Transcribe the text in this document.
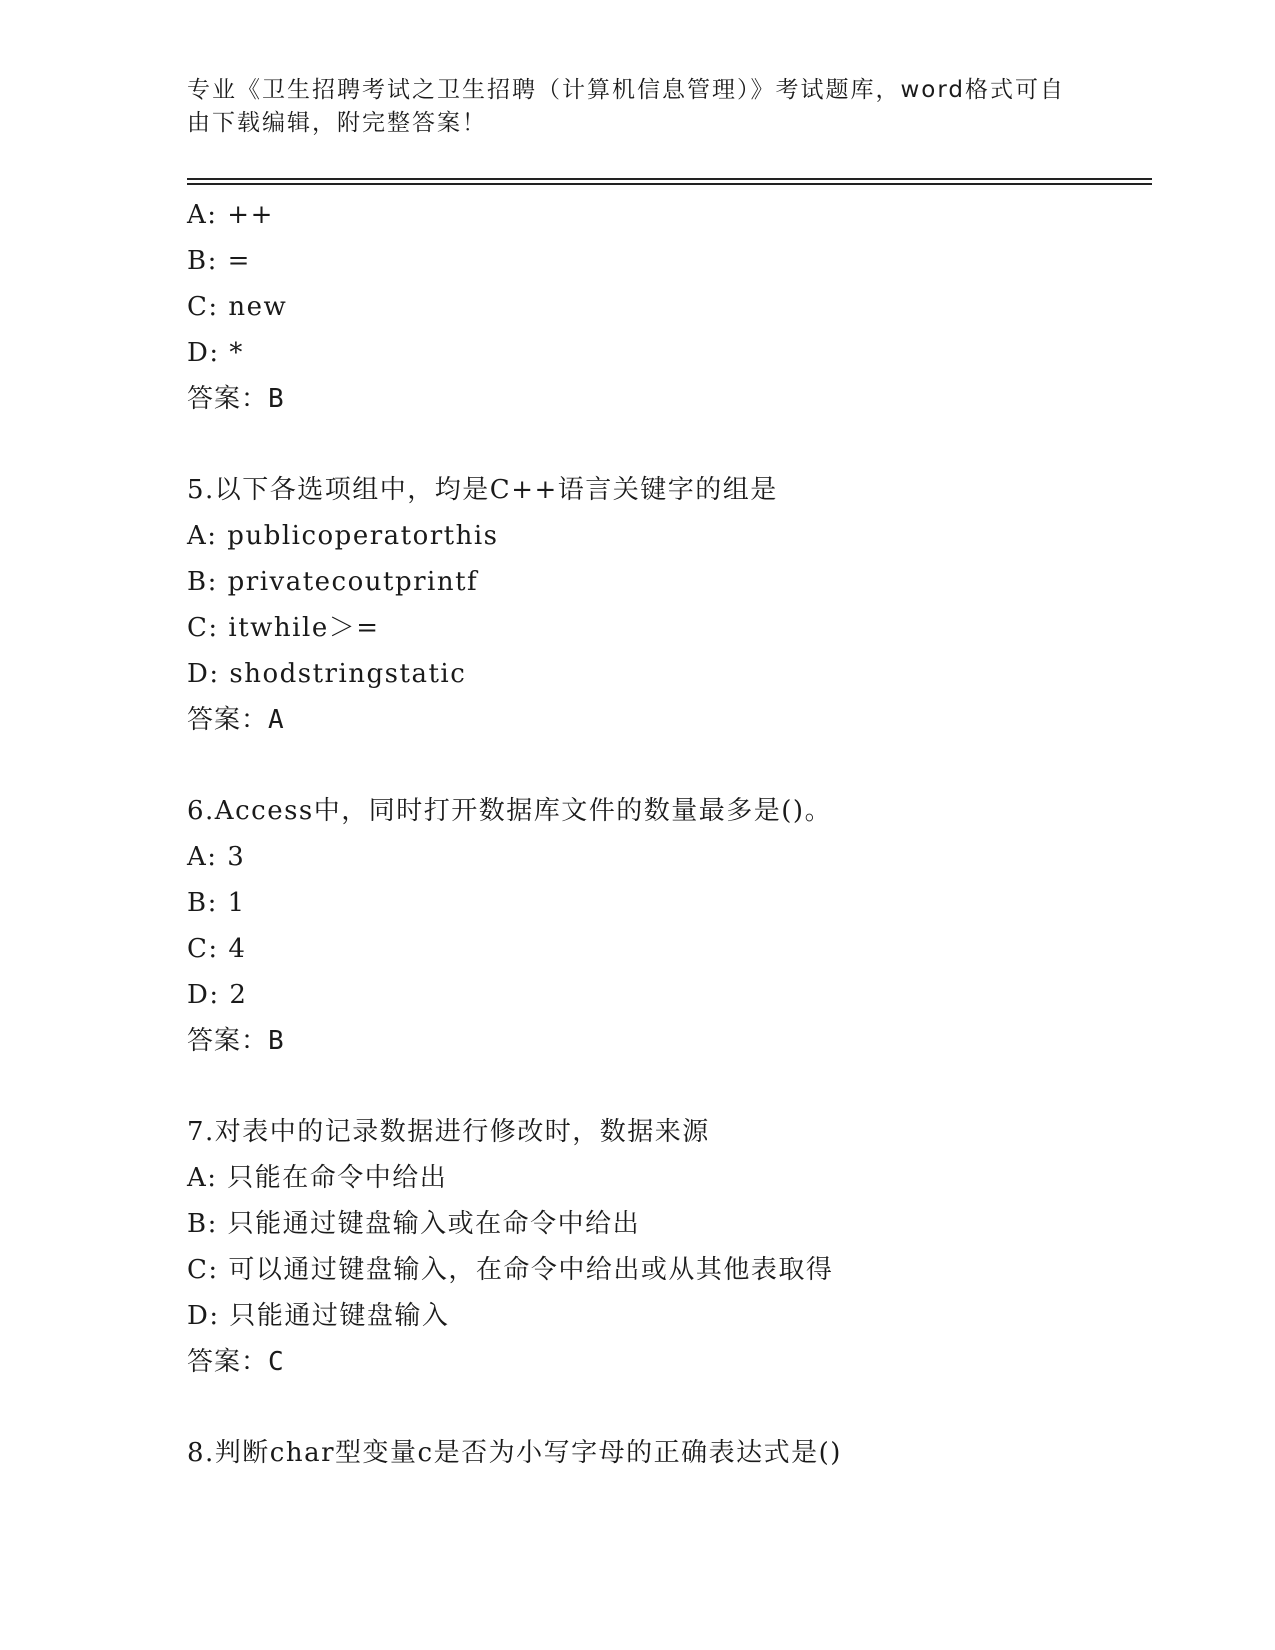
专业《卫生招聘考试之卫生招聘（计算机信息管理）》考试题库，word格式可自
由下载编辑，附完整答案！
A: ++
B: =
C: new
D: *
答案：B
5.以下各选项组中，均是C++语言关键字的组是
A: publicoperatorthis
B: privatecoutprintf
C: itwhile＞=
D: shodstringstatic
答案：A
6.Access中，同时打开数据库文件的数量最多是()。
A: 3
B: 1
C: 4
D: 2
答案：B
7.对表中的记录数据进行修改时，数据来源
A: 只能在命令中给出
B: 只能通过键盘输入或在命令中给出
C: 可以通过键盘输入，在命令中给出或从其他表取得
D: 只能通过键盘输入
答案：C
8.判断char型变量c是否为小写字母的正确表达式是()
